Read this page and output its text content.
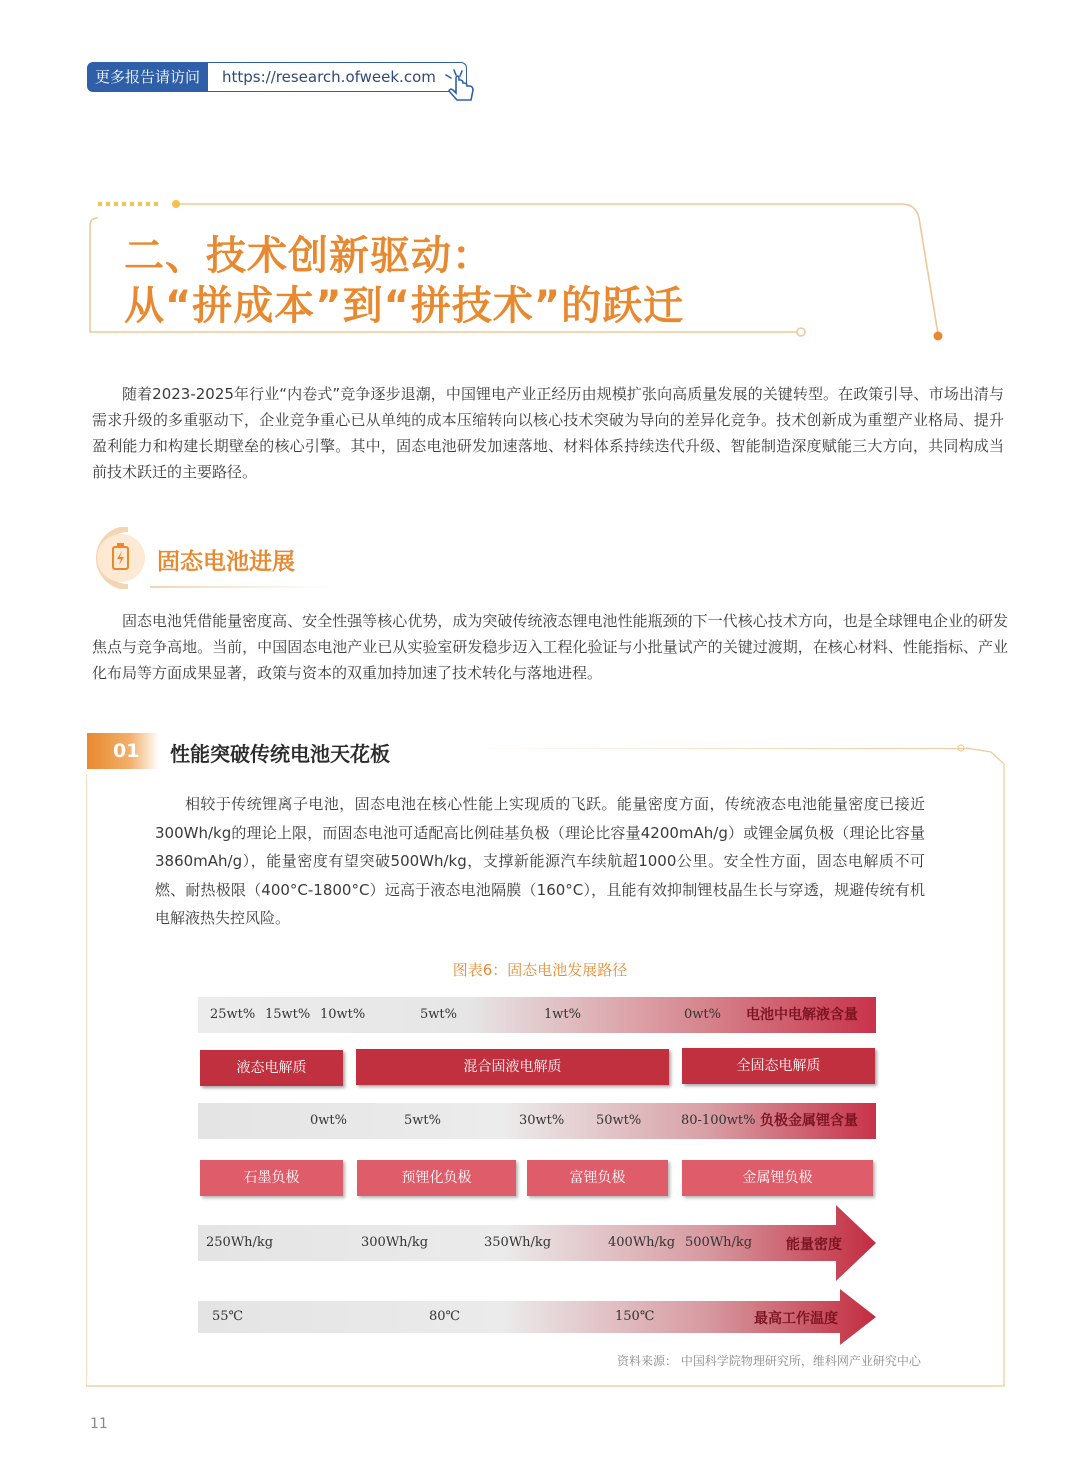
更多报告请访问	https://research.ofweek.com
二、技术创新驱动：
从“拼成本”到“拼技术”的跃迁

随着2023-2025年行业“内卷式”竞争逐步退潮，中国锂电产业正经历由规模扩张向高质量发展的关键转型。在政策引导、市场出清与需求升级的多重驱动下，企业竞争重心已从单纯的成本压缩转向以核心技术突破为导向的差异化竞争。技术创新成为重塑产业格局、提升盈利能力和构建长期壁垒的核心引擎。其中，固态电池研发加速落地、材料体系持续迭代升级、智能制造深度赋能三大方向，共同构成当前技术跃迁的主要路径。

固态电池进展

固态电池凭借能量密度高、安全性强等核心优势，成为突破传统液态锂电池性能瓶颈的下一代核心技术方向，也是全球锂电企业的研发焦点与竞争高地。当前，中国固态电池产业已从实验室研发稳步迈入工程化验证与小批量试产的关键过渡期，在核心材料、性能指标、产业化布局等方面成果显著，政策与资本的双重加持加速了技术转化与落地进程。

01	性能突破传统电池天花板

相较于传统锂离子电池，固态电池在核心性能上实现质的飞跃。能量密度方面，传统液态电池能量密度已接近300Wh/kg的理论上限，而固态电池可适配高比例硅基负极（理论比容量4200mAh/g）或锂金属负极（理论比容量3860mAh/g），能量密度有望突破500Wh/kg，支撑新能源汽车续航超1000公里。安全性方面，固态电解质不可燃、耐热极限（400°C-1800°C）远高于液态电池隔膜（160°C），且能有效抑制锂枝晶生长与穿透，规避传统有机电解液热失控风险。

图表6：固态电池发展路径
25wt% 15wt% 10wt%	5wt%	1wt%	0wt% 电池中电解液含量
液态电解质	混合固液电解质	全固态电解质
0wt%	5wt%	30wt% 50wt%	80-100wt% 负极金属锂含量
石墨负极	预锂化负极	富锂负极	金属锂负极
250Wh/kg	300Wh/kg	350Wh/kg	400Wh/kg 500Wh/kg 能量密度
55℃	80℃	150℃	最高工作温度
资料来源： 中国科学院物理研究所，维科网产业研究中心
11
